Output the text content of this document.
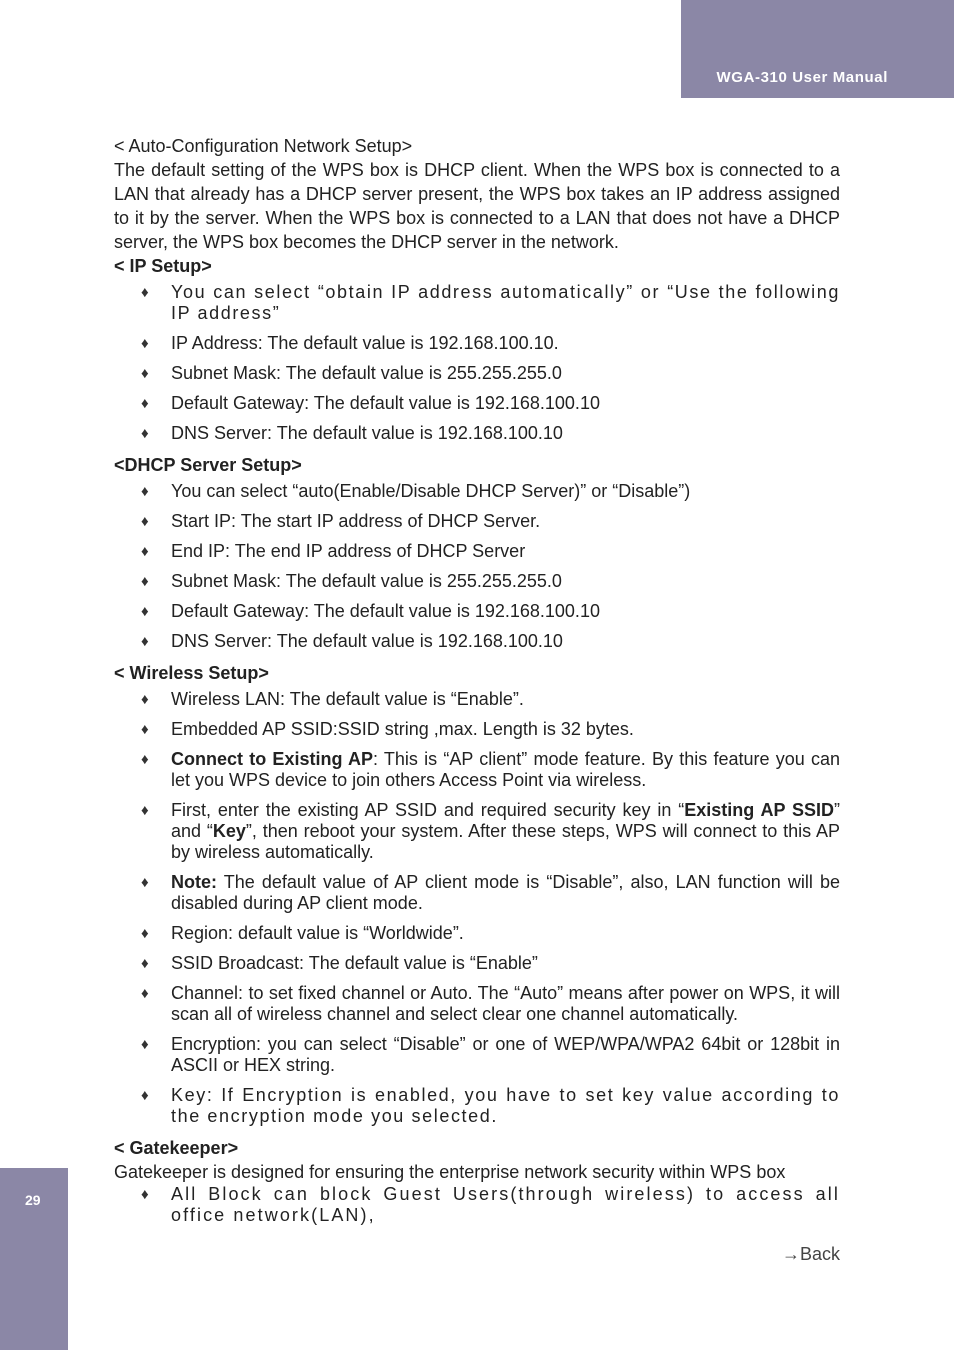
WGA-310 User Manual
29

< Auto-Configuration Network Setup>

The default setting of the WPS box is DHCP client. When the WPS box is connected to a LAN that already has a DHCP server present, the WPS box takes an IP address assigned to it by the server. When the WPS box is connected to a LAN that does not have a DHCP server, the WPS box becomes the DHCP server in the network.

< IP Setup>

♦ You can select “obtain IP address automatically” or “Use the following IP address”
♦ IP Address: The default value is 192.168.100.10.
♦ Subnet Mask: The default value is 255.255.255.0
♦ Default Gateway: The default value is 192.168.100.10
♦ DNS Server: The default value is 192.168.100.10

<DHCP Server Setup>

♦ You can select “auto(Enable/Disable DHCP Server)” or “Disable”)
♦ Start IP: The start IP address of DHCP Server.
♦ End IP: The end IP address of DHCP Server
♦ Subnet Mask: The default value is 255.255.255.0
♦ Default Gateway: The default value is 192.168.100.10
♦ DNS Server: The default value is 192.168.100.10

< Wireless Setup>

♦ Wireless LAN: The default value is “Enable”.
♦ Embedded AP SSID:SSID string ,max. Length is 32 bytes.
♦ Connect to Existing AP: This is “AP client” mode feature. By this feature you can let you WPS device to join others Access Point via wireless.
♦ First, enter the existing AP SSID and required security key in “Existing AP SSID” and “Key”, then reboot your system. After these steps, WPS will connect to this AP by wireless automatically.
♦ Note: The default value of AP client mode is “Disable”, also, LAN function will be disabled during AP client mode.
♦ Region: default value is “Worldwide”.
♦ SSID Broadcast: The default value is “Enable”
♦ Channel: to set fixed channel or Auto. The “Auto” means after power on WPS, it will scan all of wireless channel and select clear one channel automatically.
♦ Encryption: you can select “Disable” or one of WEP/WPA/WPA2 64bit or 128bit in ASCII or HEX string.
♦ Key: If Encryption is enabled, you have to set key value according to the encryption mode you selected.

< Gatekeeper>

Gatekeeper is designed for ensuring the enterprise network security within WPS box

♦ All Block can block Guest Users(through wireless) to access all office network(LAN),
→Back
